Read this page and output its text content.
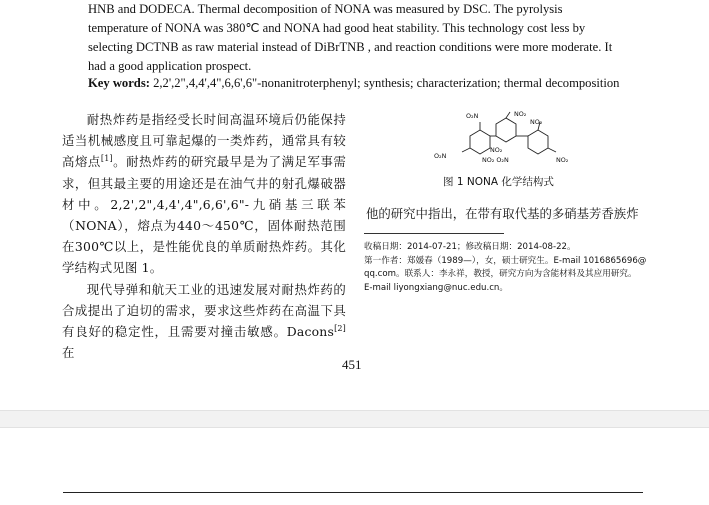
HNB and DODECA. Thermal decomposition of NONA was measured by DSC. The pyrolysis

temperature of NONA was 380℃ and NONA had good heat stability. This technology cost less by

selecting DCTNB as raw material instead of DiBrTNB , and reaction conditions were more moderate. It

had a good application prospect.

Key words: 2,2',2",4,4',4",6,6',6"-nonanitroterphenyl; synthesis; characterization; thermal decomposition

耐热炸药是指经受长时间高温环境后仍能保持适当机械感度且可靠起爆的一类炸药，通常具有较高熔点[1]。耐热炸药的研究最早是为了满足军事需求，但其最主要的用途还是在油气井的射孔爆破器材中。2,2',2",4,4',4",6,6',6"-九硝基三联苯（NONA），熔点为440～450℃，固体耐热范围在300℃以上，是性能优良的单质耐热炸药。其化学结构式见图 1。

现代导弹和航天工业的迅速发展对耐热炸药的合成提出了迫切的需求，要求这些炸药在高温下具有良好的稳定性，且需要对撞击敏感。Dacons[2]在

O₂N	NO₂
NO₂
O₂N
NO₂
NO₂ O₂N	NO₂
图 1 NONA 化学结构式
他的研究中指出，在带有取代基的多硝基芳香族炸

收稿日期：2014-07-21；修改稿日期：2014-08-22。

第一作者：郑媛春（1989—），女，硕士研究生。E-mail 1016865696@

qq.com。联系人：李永祥，教授，研究方向为含能材料及其应用研究。

E-mail liyongxiang@nuc.edu.cn。

451
